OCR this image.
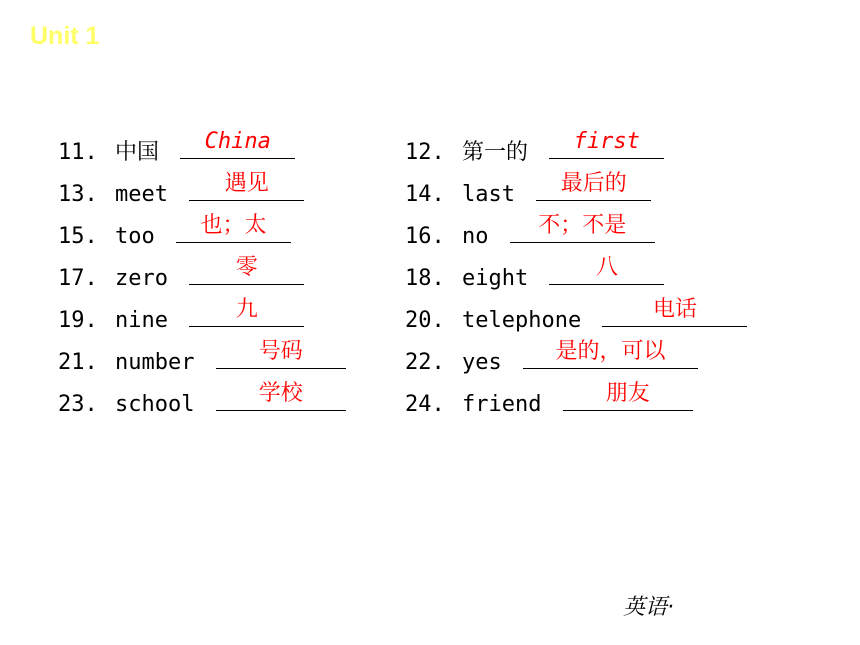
Unit 1
11. 中国	China
13. meet	遇见
15. too	也；太
17. zero	零
19. nine	九
21. number	号码
23. school	学校
12. 第一的	first
14. last	最后的
16. no	不；不是
18. eight	八
20. telephone	电话
22. yes	是的，可以
24. friend	朋友
英语·
